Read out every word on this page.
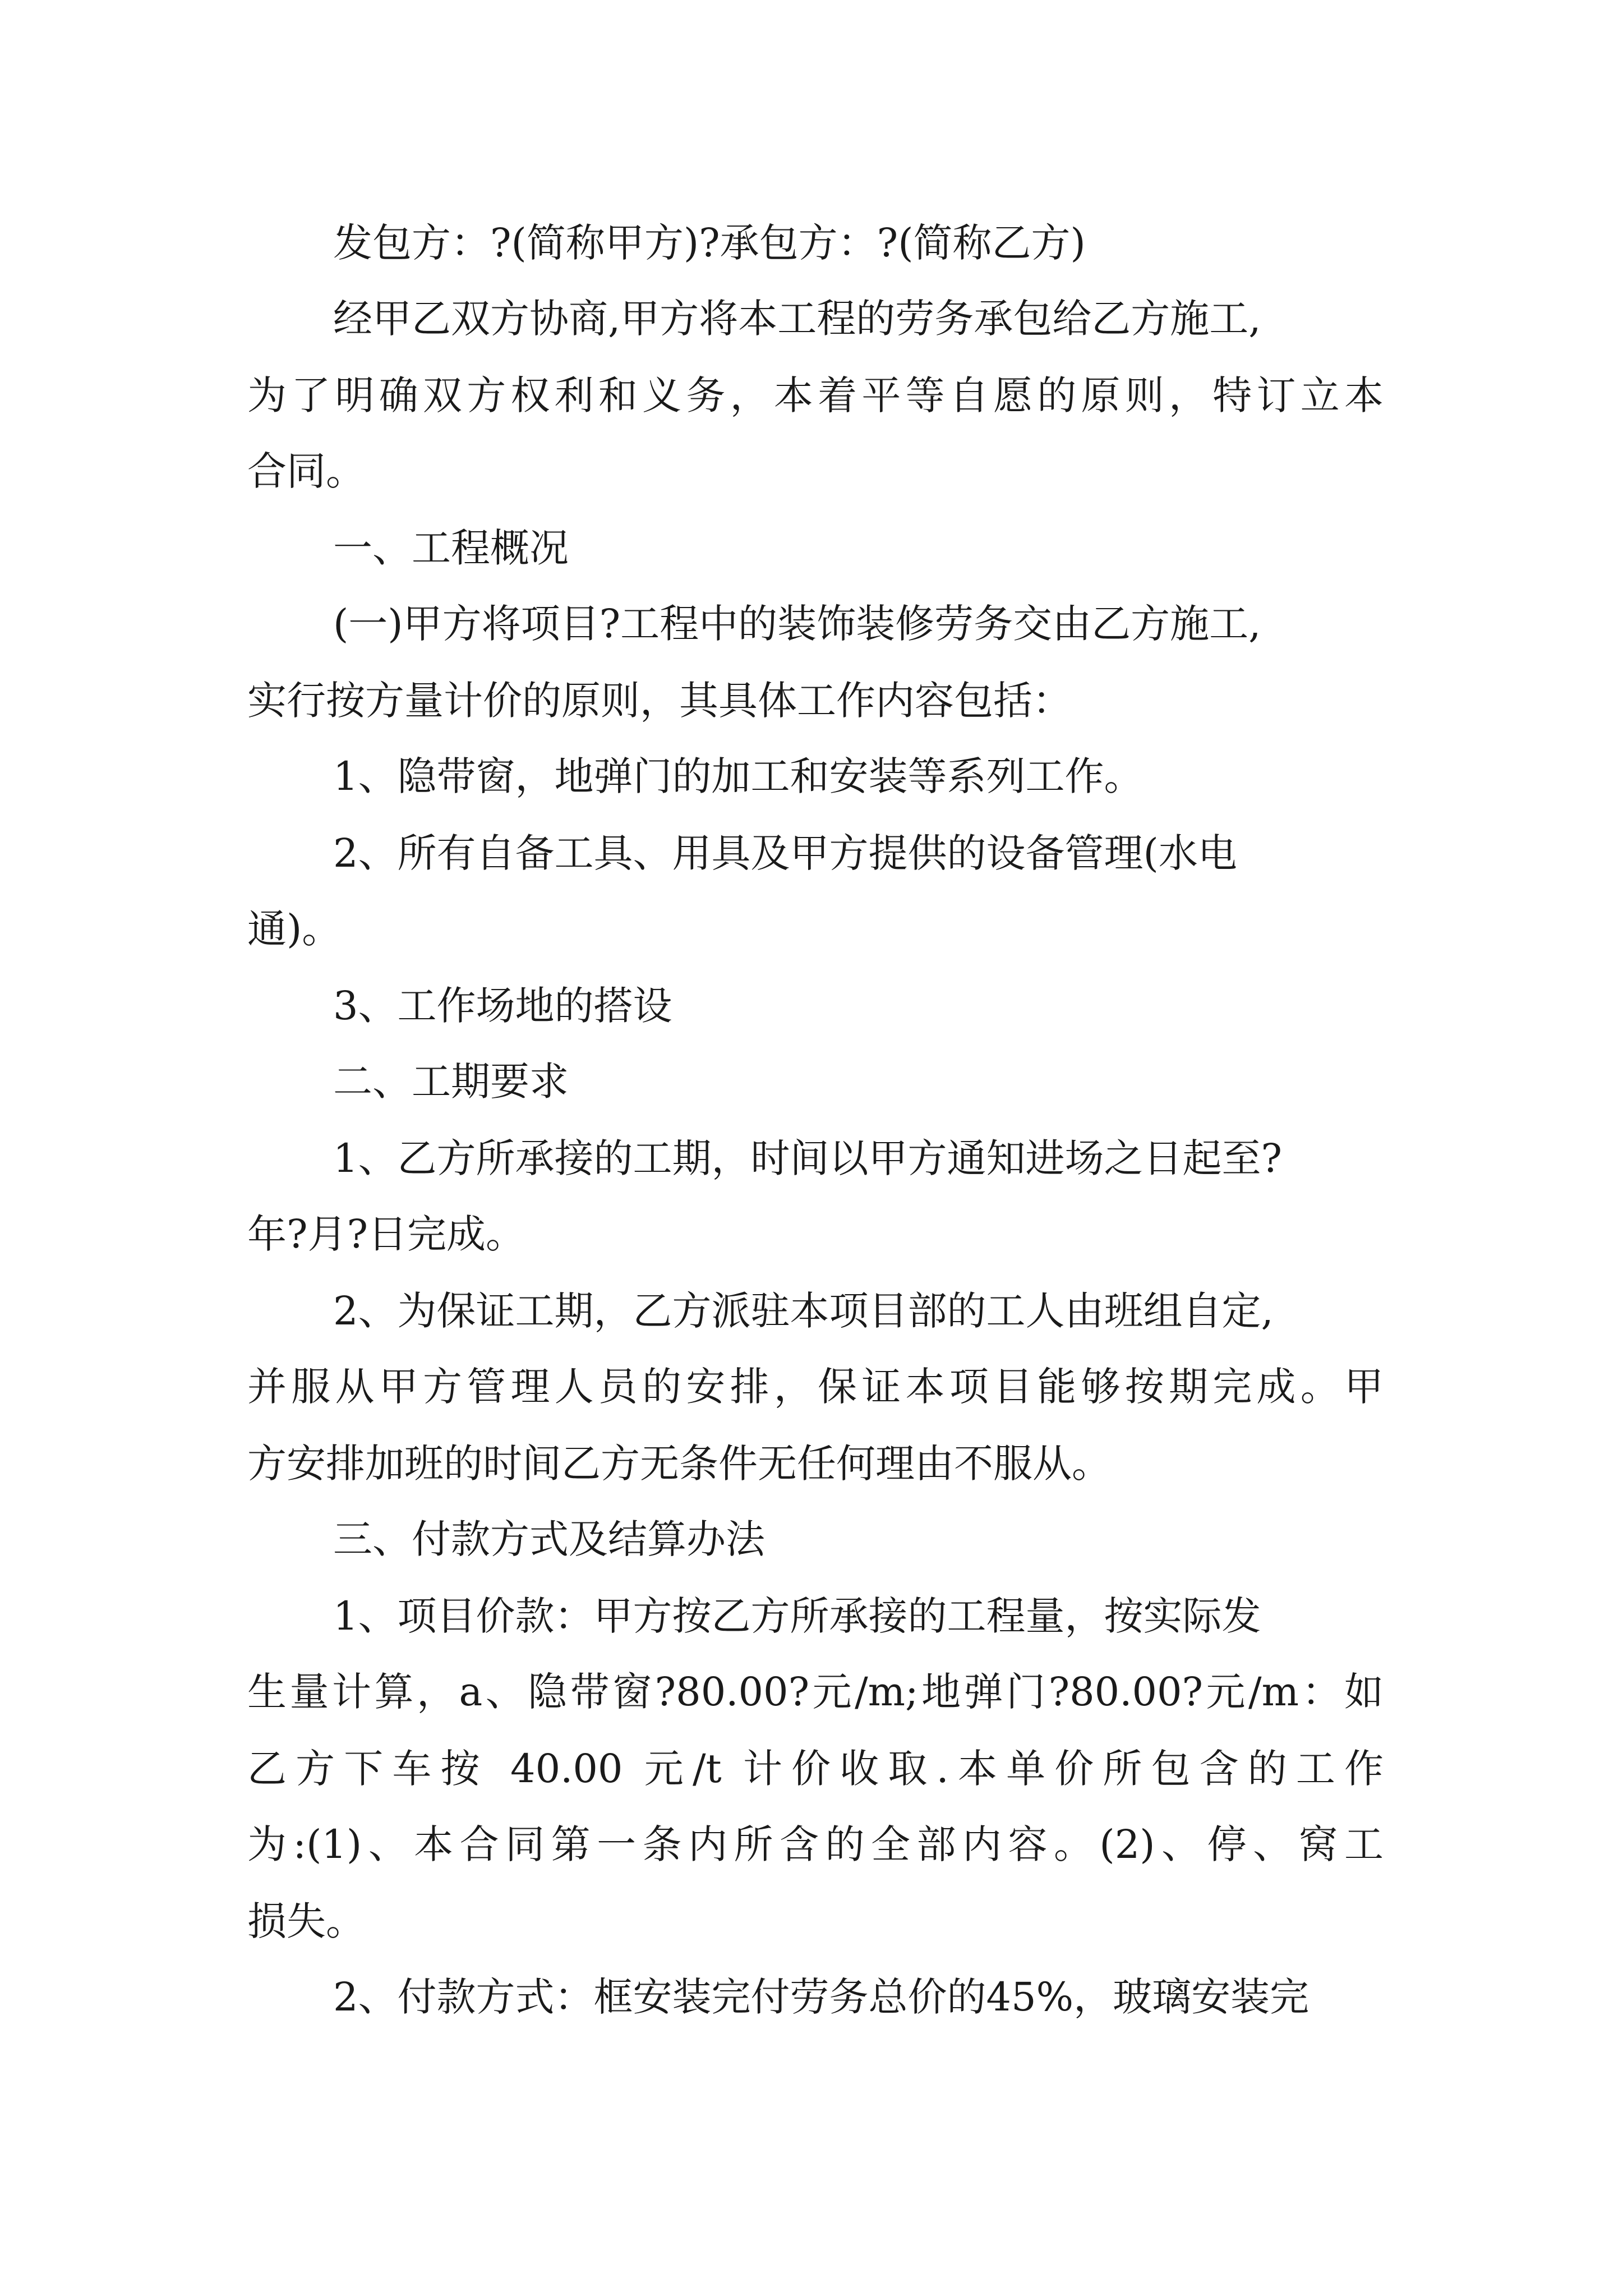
发包方：?(简称甲方)?承包方：?(简称乙方)
经甲乙双方协商,甲方将本工程的劳务承包给乙方施工,
为了明确双方权利和义务，本着平等自愿的原则，特订立本
合同。
一、工程概况
(一)甲方将项目?工程中的装饰装修劳务交由乙方施工,
实行按方量计价的原则，其具体工作内容包括：
1、隐带窗，地弹门的加工和安装等系列工作。
2、所有自备工具、用具及甲方提供的设备管理(水电
通)。
3、工作场地的搭设
二、工期要求
1、乙方所承接的工期，时间以甲方通知进场之日起至?
年?月?日完成。
2、为保证工期，乙方派驻本项目部的工人由班组自定,
并服从甲方管理人员的安排，保证本项目能够按期完成。甲
方安排加班的时间乙方无条件无任何理由不服从。
三、付款方式及结算办法
1、项目价款：甲方按乙方所承接的工程量，按实际发
生量计算，a、隐带窗?80.00?元/m;地弹门?80.00?元/m：如
乙方下车按 40.00 元/t 计价收取.本单价所包含的工作
为:(1)、本合同第一条内所含的全部内容。(2)、停、窝工
损失。
2、付款方式：框安装完付劳务总价的45%，玻璃安装完
